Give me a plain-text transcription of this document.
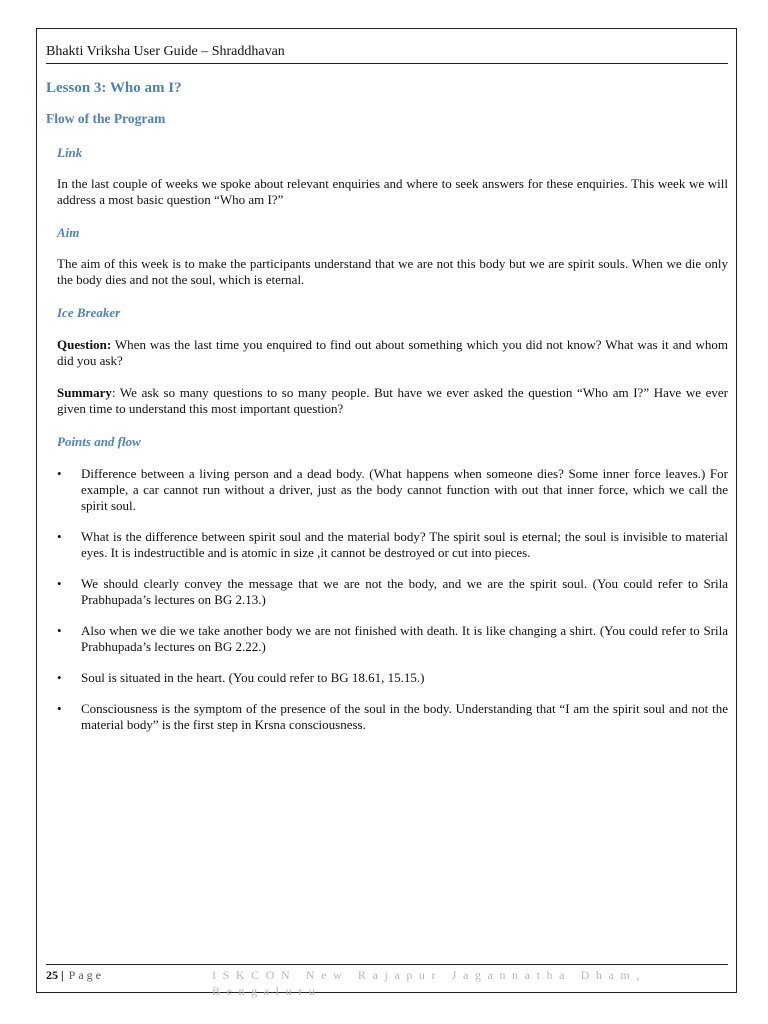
Bhakti Vriksha User Guide – Shraddhavan
Lesson 3: Who am I?
Flow of the Program
Link

In the last couple of weeks we spoke about relevant enquiries and where to seek answers for these enquiries. This week we will address a most basic question “Who am I?”

Aim

The aim of this week is to make the participants understand that we are not this body but we are spirit souls. When we die only the body dies and not the soul, which is eternal.

Ice Breaker

Question: When was the last time you enquired to find out about something which you did not know? What was it and whom did you ask?

Summary: We ask so many questions to so many people. But have we ever asked the question “Who am I?” Have we ever given time to understand this most important question?

Points and flow
• Difference between a living person and a dead body. (What happens when someone dies? Some inner force leaves.) For example, a car cannot run without a driver, just as the body cannot function with out that inner force, which we call the spirit soul.
• What is the difference between spirit soul and the material body? The spirit soul is eternal; the soul is invisible to material eyes. It is indestructible and is atomic in size ,it cannot be destroyed or cut into pieces.
• We should clearly convey the message that we are not the body, and we are the spirit soul. (You could refer to Srila Prabhupada’s lectures on BG 2.13.)
• Also when we die we take another body we are not finished with death. It is like changing a shirt. (You could refer to Srila Prabhupada’s lectures on BG 2.22.)
• Soul is situated in the heart. (You could refer to BG 18.61, 15.15.)
• Consciousness is the symptom of the presence of the soul in the body. Understanding that “I am the spirit soul and not the material body” is the first step in Krsna consciousness.
25 | Page	ISKCON New Rajapur Jagannatha Dham, Bengaluru
